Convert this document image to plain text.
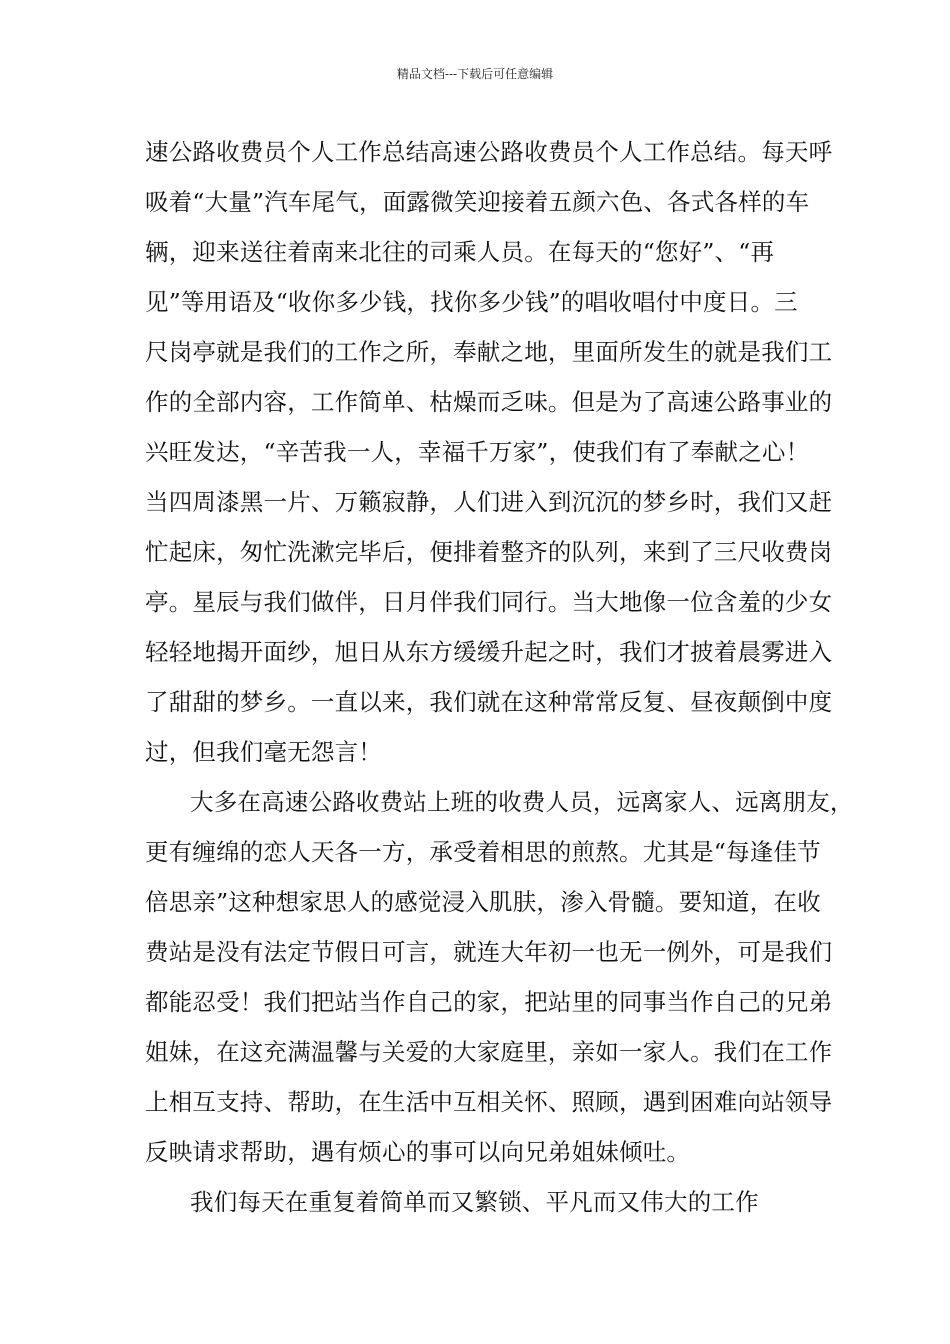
精品文档---下载后可任意编辑
速公路收费员个人工作总结高速公路收费员个人工作总结。每天呼
吸着“大量”汽车尾气，面露微笑迎接着五颜六色、各式各样的车
辆，迎来送往着南来北往的司乘人员。在每天的“您好”、“再
见”等用语及“收你多少钱，找你多少钱”的唱收唱付中度日。三
尺岗亭就是我们的工作之所，奉献之地，里面所发生的就是我们工
作的全部内容，工作简单、枯燥而乏味。但是为了高速公路事业的
兴旺发达，“辛苦我一人，幸福千万家”，使我们有了奉献之心！
当四周漆黑一片、万籁寂静，人们进入到沉沉的梦乡时，我们又赶
忙起床，匆忙洗漱完毕后，便排着整齐的队列，来到了三尺收费岗
亭。星辰与我们做伴，日月伴我们同行。当大地像一位含羞的少女
轻轻地揭开面纱，旭日从东方缓缓升起之时，我们才披着晨雾进入
了甜甜的梦乡。一直以来，我们就在这种常常反复、昼夜颠倒中度
过，但我们毫无怨言！
大多在高速公路收费站上班的收费人员，远离家人、远离朋友，
更有缠绵的恋人天各一方，承受着相思的煎熬。尤其是“每逢佳节
倍思亲”这种想家思人的感觉浸入肌肤，渗入骨髓。要知道，在收
费站是没有法定节假日可言，就连大年初一也无一例外，可是我们
都能忍受！我们把站当作自己的家，把站里的同事当作自己的兄弟
姐妹，在这充满温馨与关爱的大家庭里，亲如一家人。我们在工作
上相互支持、帮助，在生活中互相关怀、照顾，遇到困难向站领导
反映请求帮助，遇有烦心的事可以向兄弟姐妹倾吐。
我们每天在重复着简单而又繁锁、平凡而又伟大的工作
